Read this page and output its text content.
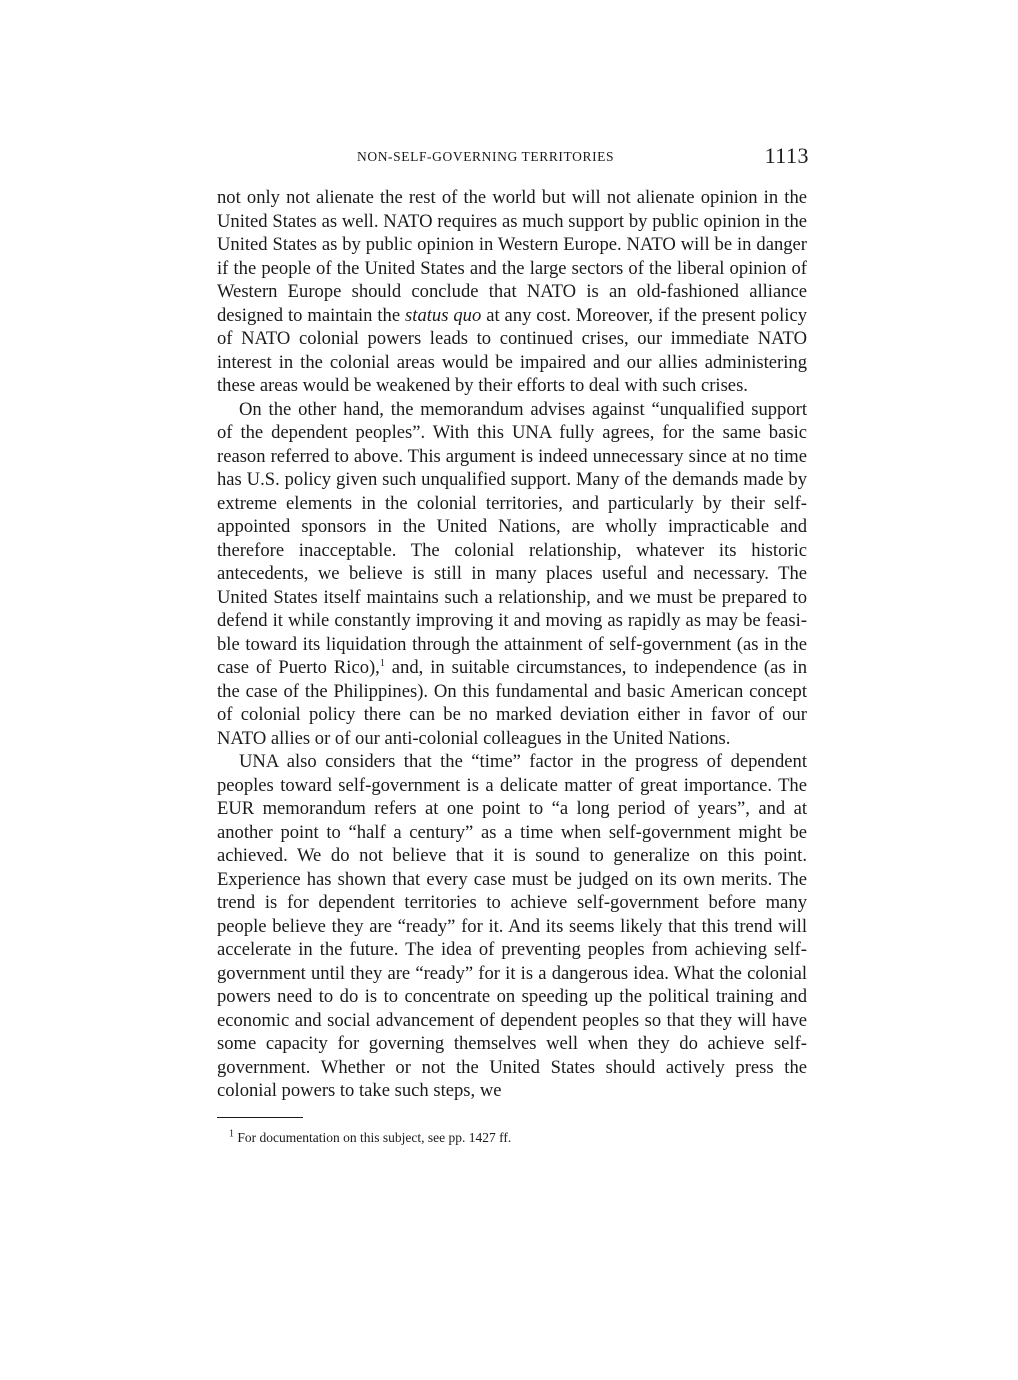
NON-SELF-GOVERNING TERRITORIES	1113

not only not alienate the rest of the world but will not alienate opinion in the United States as well. NATO requires as much support by public opinion in the United States as by public opinion in Western Europe. NATO will be in danger if the people of the United States and the large sectors of the liberal opinion of Western Europe should conclude that NATO is an old-fashioned alliance designed to maintain the status quo at any cost. Moreover, if the present policy of NATO colonial powers leads to continued crises, our immediate NATO interest in the colonial areas would be impaired and our allies administering these areas would be weakened by their efforts to deal with such crises.

On the other hand, the memorandum advises against “unqualified support of the dependent peoples”. With this UNA fully agrees, for the same basic reason referred to above. This argument is indeed unnecessary since at no time has U.S. policy given such unqualified support. Many of the demands made by extreme elements in the colonial territories, and particularly by their self-appointed sponsors in the United Nations, are wholly impracticable and therefore inacceptable. The colonial relationship, whatever its historic antecedents, we believe is still in many places useful and necessary. The United States itself maintains such a relationship, and we must be prepared to defend it while constantly improving it and moving as rapidly as may be feasible toward its liquidation through the attainment of self-government (as in the case of Puerto Rico),$^1$ and, in suitable circumstances, to independence (as in the case of the Philippines). On this fundamental and basic American concept of colonial policy there can be no marked deviation either in favor of our NATO allies or of our anti-colonial colleagues in the United Nations.

UNA also considers that the “time” factor in the progress of dependent peoples toward self-government is a delicate matter of great importance. The EUR memorandum refers at one point to “a long period of years”, and at another point to “half a century” as a time when self-government might be achieved. We do not believe that it is sound to generalize on this point. Experience has shown that every case must be judged on its own merits. The trend is for dependent territories to achieve self-government before many people believe they are “ready” for it. And its seems likely that this trend will accelerate in the future. The idea of preventing peoples from achieving self-government until they are “ready” for it is a dangerous idea. What the colonial powers need to do is to concentrate on speeding up the political training and economic and social advancement of dependent peoples so that they will have some capacity for governing themselves well when they do achieve self-government. Whether or not the United States should actively press the colonial powers to take such steps, we

$^1$ For documentation on this subject, see pp. 1427 ff.
